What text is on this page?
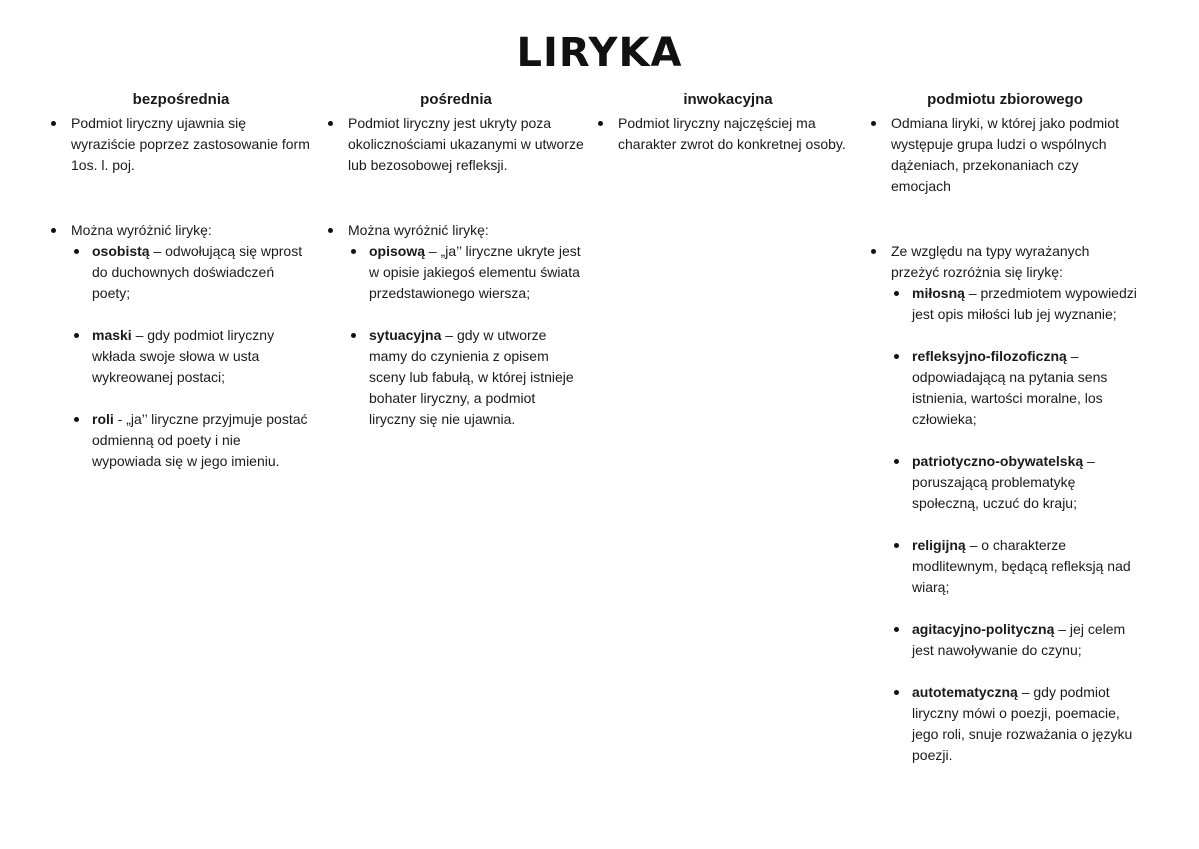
LIRYKA
bezpośrednia
Podmiot liryczny ujawnia się wyraziście poprzez zastosowanie form 1os. l. poj.
Można wyróżnić lirykę:
osobistą – odwołującą się wprost do duchownych doświadczeń poety;
maski – gdy podmiot liryczny wkłada swoje słowa w usta wykreowanej postaci;
roli - „ja’’ liryczne przyjmuje postać odmienną od poety i nie wypowiada się w jego imieniu.
pośrednia
Podmiot liryczny jest ukryty poza okolicznościami ukazanymi w utworze lub bezosobowej refleksji.
Można wyróżnić lirykę:
opisową – „ja’’ liryczne ukryte jest w opisie jakiegoś elementu świata przedstawionego wiersza;
sytuacyjna – gdy w utworze mamy do czynienia z opisem sceny lub fabułą, w której istnieje bohater liryczny, a podmiot liryczny się nie ujawnia.
inwokacyjna
Podmiot liryczny najczęściej ma charakter zwrot do konkretnej osoby.
podmiotu zbiorowego
Odmiana liryki, w której jako podmiot występuje grupa ludzi o wspólnych dążeniach, przekonaniach czy emocjach
Ze względu na typy wyrażanych przeżyć rozróżnia się lirykę:
miłosną – przedmiotem wypowiedzi jest opis miłości lub jej wyznanie;
refleksyjno-filozoficzną – odpowiadającą na pytania sens istnienia, wartości moralne, los człowieka;
patriotyczno-obywatelską – poruszającą problematykę społeczną, uczuć do kraju;
religijną – o charakterze modlitewnym, będącą refleksją nad wiarą;
agitacyjno-polityczną – jej celem jest nawoływanie do czynu;
autotematyczną – gdy podmiot liryczny mówi o poezji, poemacie, jego roli, snuje rozważania o języku poezji.
